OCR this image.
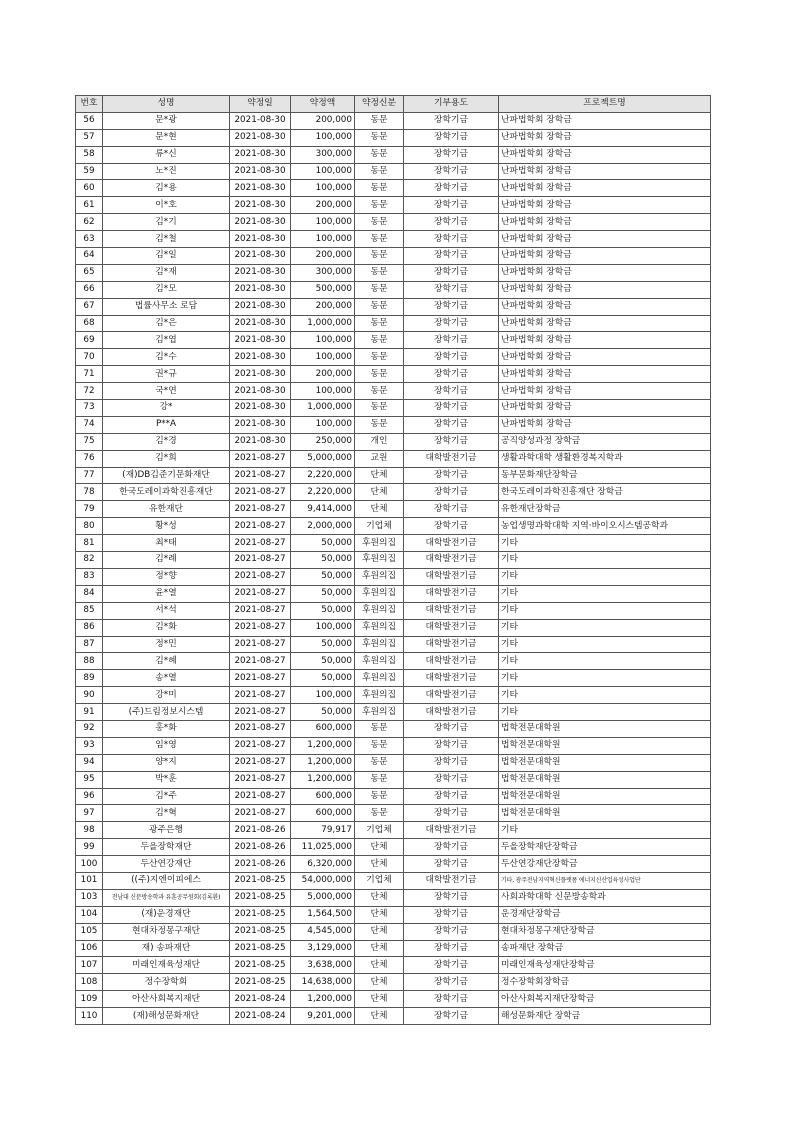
번호	성명	약정일	약정액	약정신분	기부용도	프로젝트명
56	문*광	2021-08-30	200,000	동문	장학기금	난파법학회 장학금
57	문*현	2021-08-30	100,000	동문	장학기금	난파법학회 장학금
58	류*신	2021-08-30	300,000	동문	장학기금	난파법학회 장학금
59	노*진	2021-08-30	100,000	동문	장학기금	난파법학회 장학금
60	김*용	2021-08-30	100,000	동문	장학기금	난파법학회 장학금
61	이*호	2021-08-30	200,000	동문	장학기금	난파법학회 장학금
62	김*기	2021-08-30	100,000	동문	장학기금	난파법학회 장학금
63	김*철	2021-08-30	100,000	동문	장학기금	난파법학회 장학금
64	김*일	2021-08-30	200,000	동문	장학기금	난파법학회 장학금
65	김*재	2021-08-30	300,000	동문	장학기금	난파법학회 장학금
66	김*모	2021-08-30	500,000	동문	장학기금	난파법학회 장학금
67	법률사무소 로담	2021-08-30	200,000	동문	장학기금	난파법학회 장학금
68	김*은	2021-08-30	1,000,000	동문	장학기금	난파법학회 장학금
69	김*엽	2021-08-30	100,000	동문	장학기금	난파법학회 장학금
70	김*수	2021-08-30	100,000	동문	장학기금	난파법학회 장학금
71	권*규	2021-08-30	200,000	동문	장학기금	난파법학회 장학금
72	국*연	2021-08-30	100,000	동문	장학기금	난파법학회 장학금
73	강*	2021-08-30	1,000,000	동문	장학기금	난파법학회 장학금
74	P**A	2021-08-30	100,000	동문	장학기금	난파법학회 장학금
75	김*경	2021-08-30	250,000	개인	장학기금	공직양성과정 장학금
76	김*희	2021-08-27	5,000,000	교원	대학발전기금	생활과학대학 생활환경복지학과
77	(재)DB김준기문화재단	2021-08-27	2,220,000	단체	장학기금	동부문화재단장학금
78	한국도레이과학진흥재단	2021-08-27	2,220,000	단체	장학기금	한국도레이과학진흥재단 장학금
79	유한재단	2021-08-27	9,414,000	단체	장학기금	유한재단장학금
80	황*성	2021-08-27	2,000,000	기업체	장학기금	농업생명과학대학 지역·바이오시스템공학과
81	최*태	2021-08-27	50,000	후원의집	대학발전기금	기타
82	김*례	2021-08-27	50,000	후원의집	대학발전기금	기타
83	정*향	2021-08-27	50,000	후원의집	대학발전기금	기타
84	윤*열	2021-08-27	50,000	후원의집	대학발전기금	기타
85	서*석	2021-08-27	50,000	후원의집	대학발전기금	기타
86	김*화	2021-08-27	100,000	후원의집	대학발전기금	기타
87	정*민	2021-08-27	50,000	후원의집	대학발전기금	기타
88	김*혜	2021-08-27	50,000	후원의집	대학발전기금	기타
89	송*열	2021-08-27	50,000	후원의집	대학발전기금	기타
90	강*미	2021-08-27	100,000	후원의집	대학발전기금	기타
91	(주)드림정보시스템	2021-08-27	50,000	후원의집	대학발전기금	기타
92	홍*화	2021-08-27	600,000	동문	장학기금	법학전문대학원
93	임*영	2021-08-27	1,200,000	동문	장학기금	법학전문대학원
94	양*지	2021-08-27	1,200,000	동문	장학기금	법학전문대학원
95	박*훈	2021-08-27	1,200,000	동문	장학기금	법학전문대학원
96	김*주	2021-08-27	600,000	동문	장학기금	법학전문대학원
97	김*혁	2021-08-27	600,000	동문	장학기금	법학전문대학원
98	광주은행	2021-08-26	79,917	기업체	대학발전기금	기타
99	두을장학재단	2021-08-26	11,025,000	단체	장학기금	두을장학재단장학금
100	두산연강재단	2021-08-26	6,320,000	단체	장학기금	두산연강재단장학금
101	((주)지엔이피에스	2021-08-25	54,000,000	기업체	대학발전기금	기타, 광주전남지역혁신플랫폼 에너지신산업육성사업단
103	전남대 신문방송학과 유훈공무원회(김록환)	2021-08-25	5,000,000	단체	장학기금	사회과학대학 신문방송학과
104	(재)운경재단	2021-08-25	1,564,500	단체	장학기금	운경재단장학금
105	현대차정몽구재단	2021-08-25	4,545,000	단체	장학기금	현대차정몽구재단장학금
106	재) 송파재단	2021-08-25	3,129,000	단체	장학기금	송파재단 장학금
107	미래인재육성재단	2021-08-25	3,638,000	단체	장학기금	미래인재육성재단장학금
108	정수장학회	2021-08-25	14,638,000	단체	장학기금	정수장학회장학금
109	아산사회복지재단	2021-08-24	1,200,000	단체	장학기금	아산사회복지재단장학금
110	(재)해성문화재단	2021-08-24	9,201,000	단체	장학기금	해성문화재단 장학금
